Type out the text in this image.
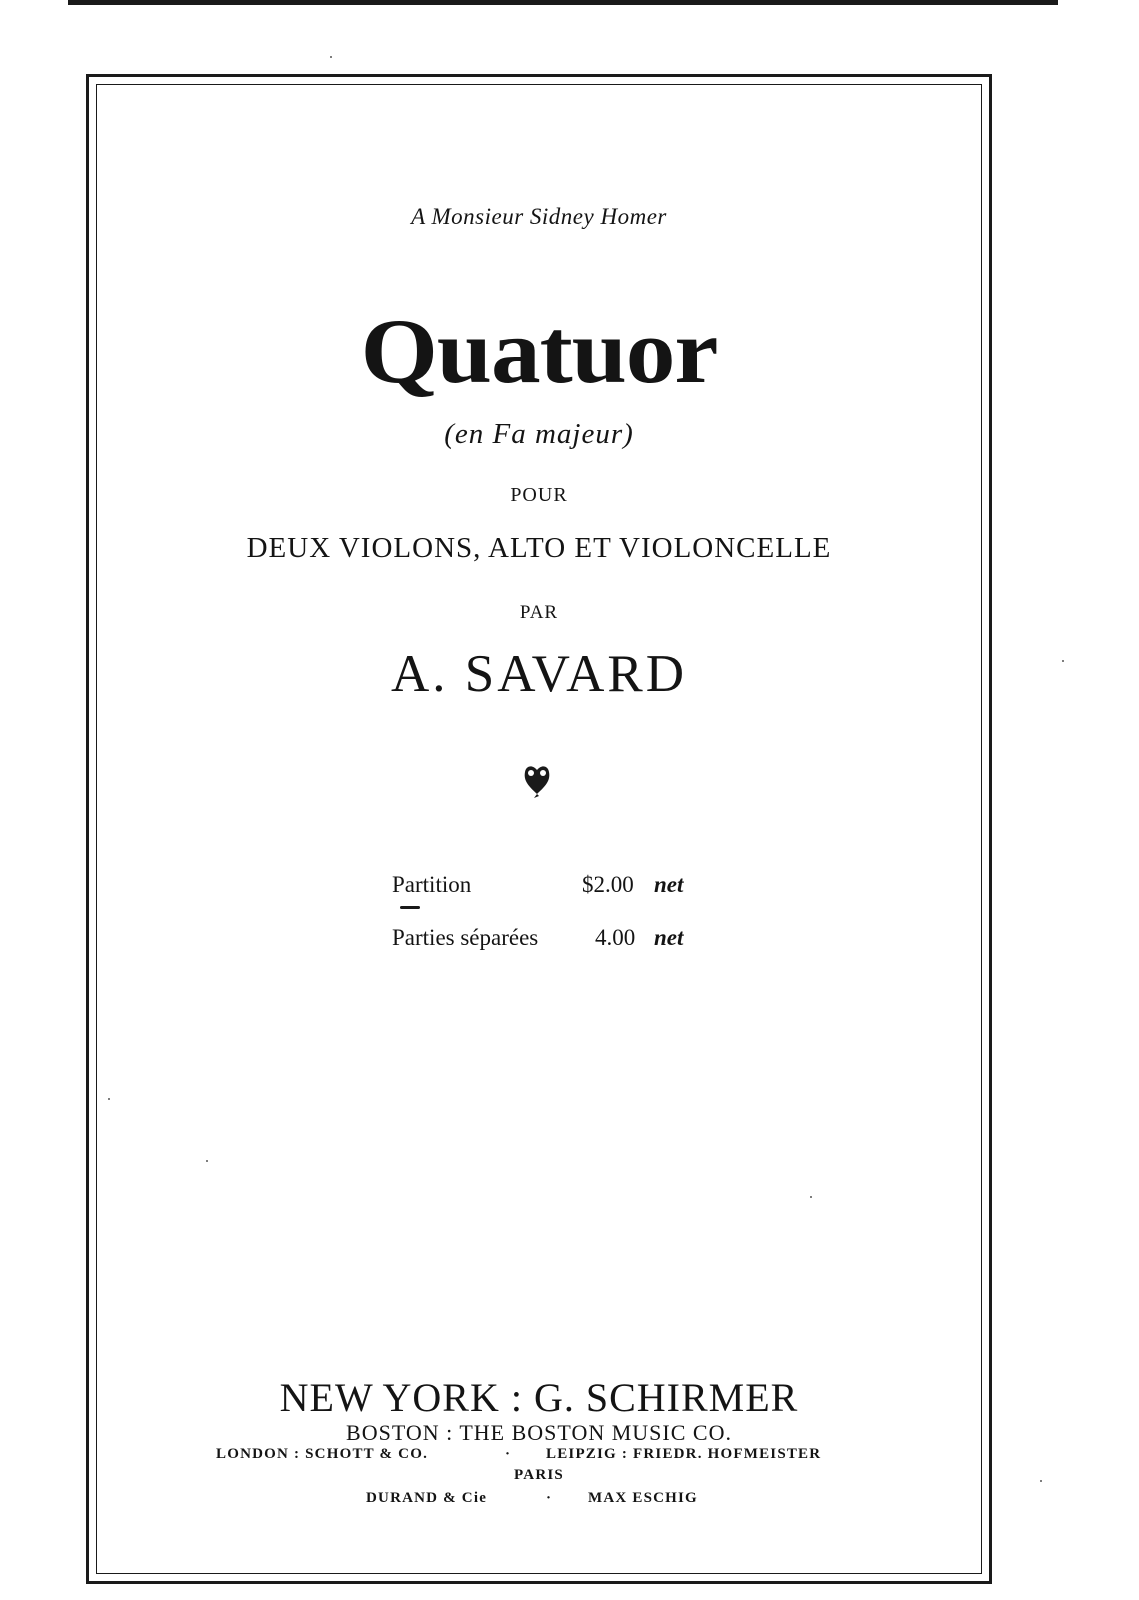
A Monsieur Sidney Homer
Quatuor
(en Fa majeur)
POUR
DEUX VIOLONS, ALTO ET VIOLONCELLE
PAR
A. SAVARD
Partition	$2.00 net
Parties séparées 4.00 net
NEW YORK : G. SCHIRMER
BOSTON : THE BOSTON MUSIC CO.
LONDON : SCHOTT & CO.	· LEIPZIG : FRIEDR. HOFMEISTER
PARIS
DURAND & Cie	· MAX ESCHIG
